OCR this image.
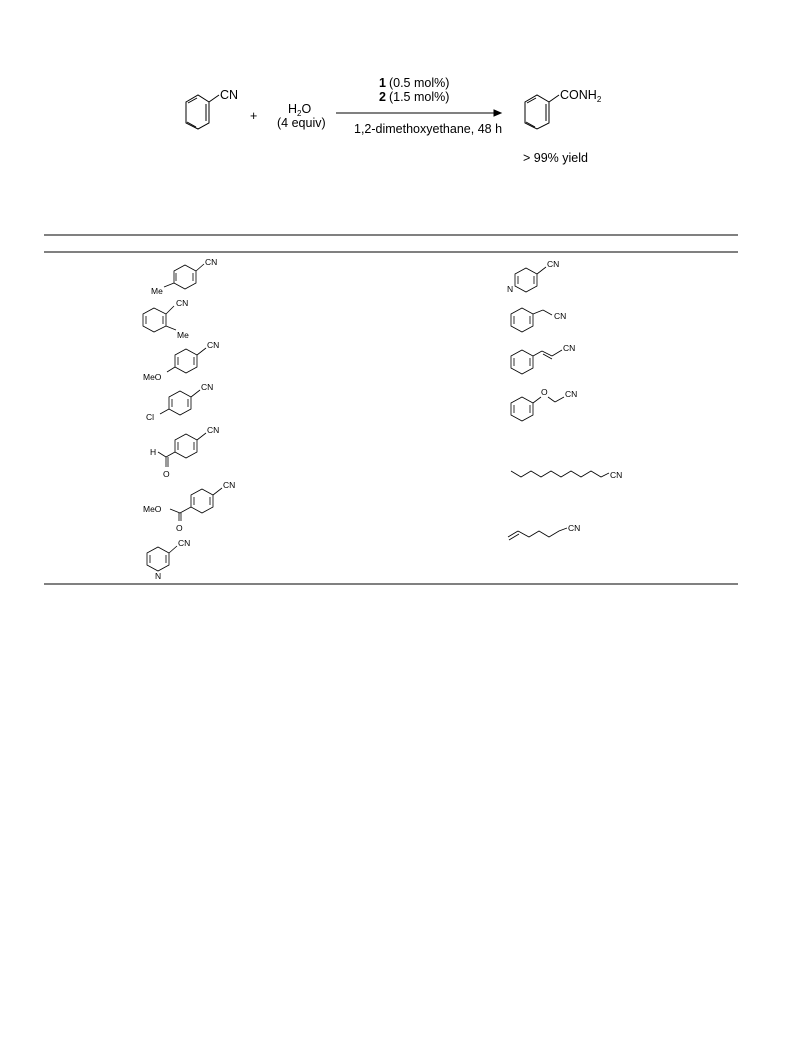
CN
+ $H_2O$
(4 equiv)
1 (0.5 mol%)
2 (1.5 mol%)
1,2-dimethoxyethane, 48 h
$CONH_2$
> 99% yield
CN
Me
CN
Me
CN
MeO
CN
Cl
CN
H
O
CN
MeO
O
CN
N
CN
N
CN
CN
O CN
CN
CN
